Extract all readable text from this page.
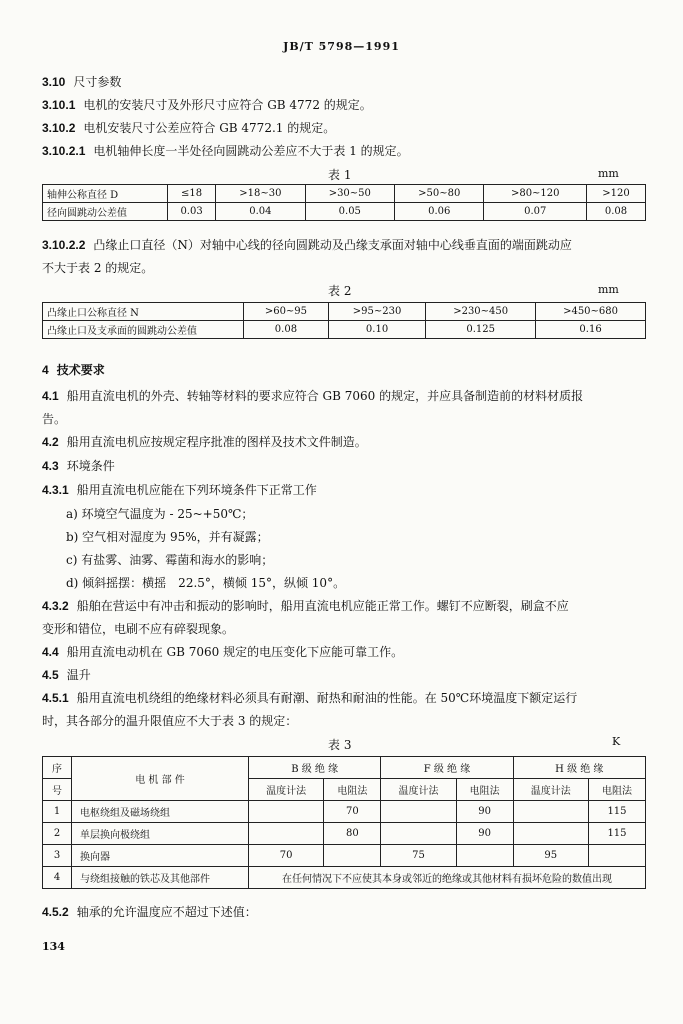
JB/T 5798—1991
3.10 尺寸参数
3.10.1 电机的安装尺寸及外形尺寸应符合 GB 4772 的规定。
3.10.2 电机安装尺寸公差应符合 GB 4772.1 的规定。
3.10.2.1 电机轴伸长度一半处径向圆跳动公差应不大于表 1 的规定。
表 1	mm
轴伸公称直径 D	≤18	>18~30	>30~50	>50~80	>80~120	>120
径向圆跳动公差值	0.03	0.04	0.05	0.06	0.07	0.08
3.10.2.2 凸缘止口直径（N）对轴中心线的径向圆跳动及凸缘支承面对轴中心线垂直面的端面跳动应
不大于表 2 的规定。
表 2	mm
凸缘止口公称直径 N	>60~95	>95~230	>230~450	>450~680
凸缘止口及支承面的圆跳动公差值	0.08	0.10	0.125	0.16
4 技术要求
4.1 船用直流电机的外壳、转轴等材料的要求应符合 GB 7060 的规定，并应具备制造前的材料材质报
告。
4.2 船用直流电机应按规定程序批准的图样及技术文件制造。
4.3 环境条件
4.3.1 船用直流电机应能在下列环境条件下正常工作
a) 环境空气温度为 - 25~+50℃；
b) 空气相对湿度为 95%，并有凝露；
c) 有盐雾、油雾、霉菌和海水的影响；
d) 倾斜摇摆：横摇　22.5°，横倾 15°，纵倾 10°。
4.3.2 船舶在营运中有冲击和振动的影响时，船用直流电机应能正常工作。螺钉不应断裂，刷盒不应
变形和错位，电刷不应有碎裂现象。
4.4 船用直流电动机在 GB 7060 规定的电压变化下应能可靠工作。
4.5 温升
4.5.1 船用直流电机绕组的绝缘材料必须具有耐潮、耐热和耐油的性能。在 50℃环境温度下额定运行
时，其各部分的温升限值应不大于表 3 的规定：
表 3	K
序	电 机 部 件	B 级 绝 缘		F 级 绝 缘		H 级 绝 缘	
号		温度计法	电阻法	温度计法	电阻法	温度计法	电阻法
1	电枢绕组及磁场绕组		70		90		115
2	单层换向极绕组		80		90		115
3	换向器	70		75		95	
4	与绕组接触的铁芯及其他部件	在任何情况下不应使其本身或邻近的绝缘或其他材料有损坏危险的数值出现					
4.5.2 轴承的允许温度应不超过下述值：
134
